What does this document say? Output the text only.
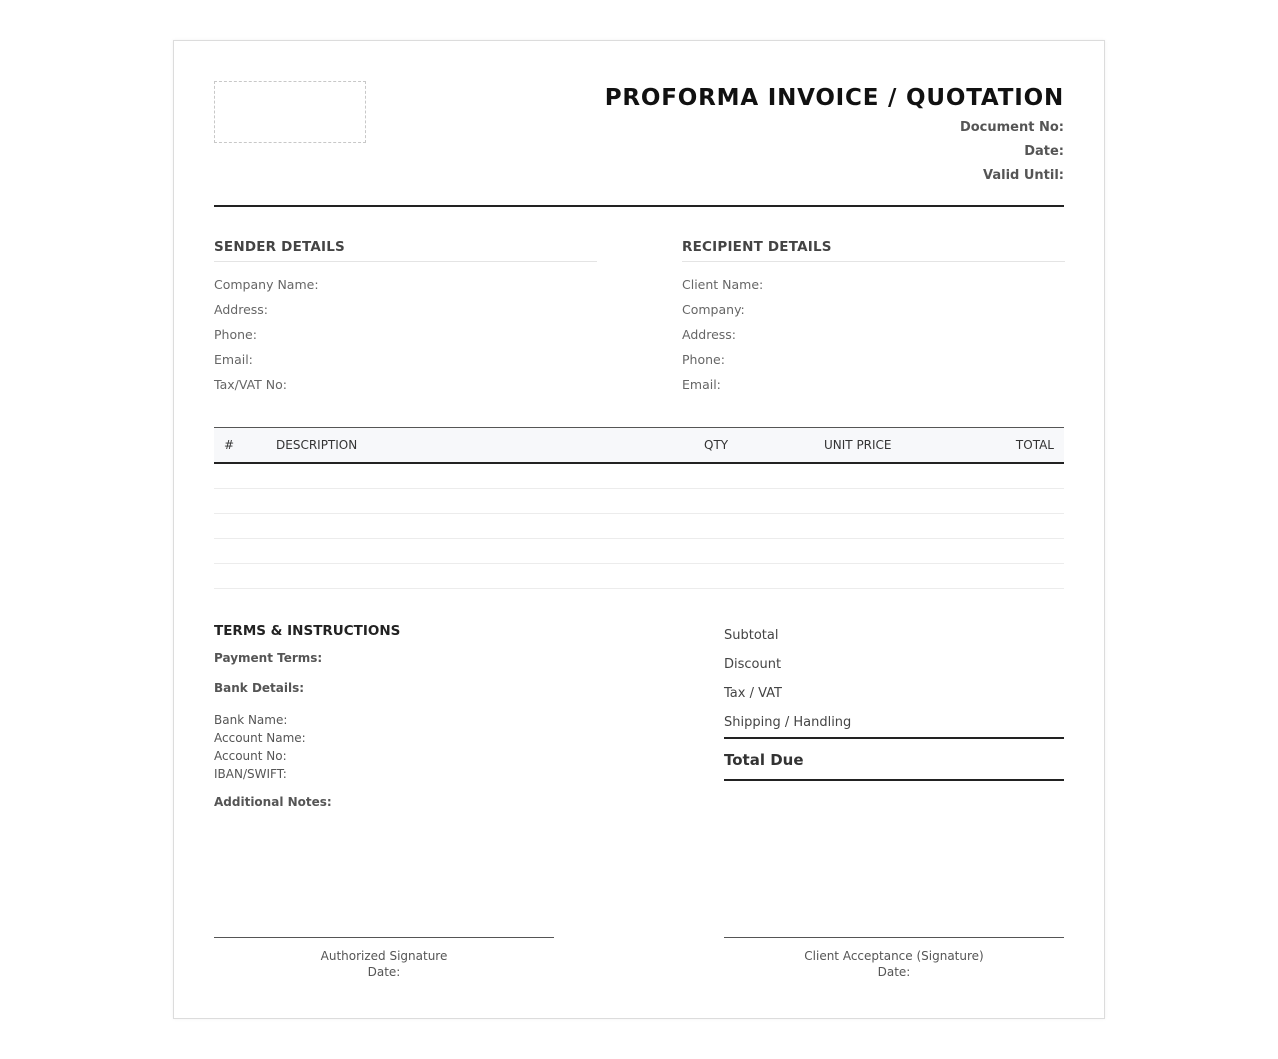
PROFORMA INVOICE / QUOTATION
Document No:
Date:
Valid Until:
SENDER DETAILS
Company Name:
Address:
Phone:
Email:
Tax/VAT No:
RECIPIENT DETAILS
Client Name:
Company:
Address:
Phone:
Email:
#	DESCRIPTION	QTY	UNIT PRICE	TOTAL

TERMS & INSTRUCTIONS
Payment Terms:
Bank Details:
Bank Name:
Account Name:
Account No:
IBAN/SWIFT:
Additional Notes:
Subtotal
Discount
Tax / VAT
Shipping / Handling
Total Due
Authorized Signature
Date:
Client Acceptance (Signature)
Date:
